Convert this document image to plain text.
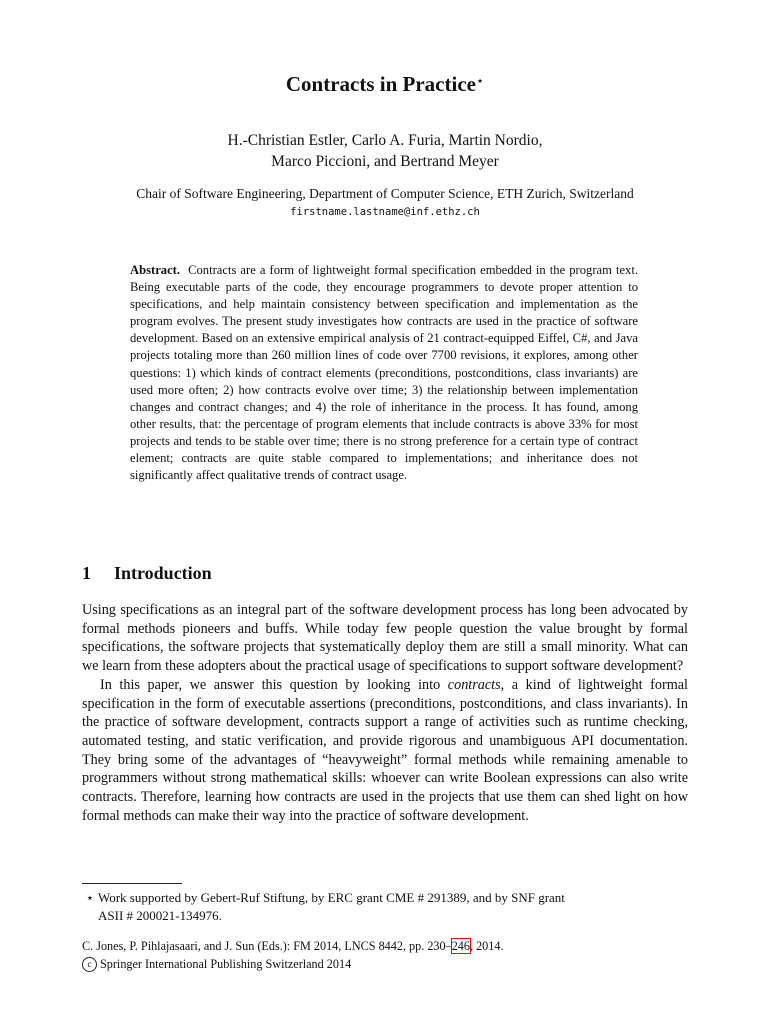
Contracts in Practice⋆
H.-Christian Estler, Carlo A. Furia, Martin Nordio,
Marco Piccioni, and Bertrand Meyer
Chair of Software Engineering, Department of Computer Science, ETH Zurich, Switzerland
firstname.lastname@inf.ethz.ch
Abstract. Contracts are a form of lightweight formal specification embedded in the program text. Being executable parts of the code, they encourage programmers to devote proper attention to specifications, and help maintain consistency between specification and implementation as the program evolves. The present study investigates how contracts are used in the practice of software development. Based on an extensive empirical analysis of 21 contract-equipped Eiffel, C#, and Java projects totaling more than 260 million lines of code over 7700 revisions, it explores, among other questions: 1) which kinds of contract elements (preconditions, postconditions, class invariants) are used more often; 2) how contracts evolve over time; 3) the relationship between implementation changes and contract changes; and 4) the role of inheritance in the process. It has found, among other results, that: the percentage of program elements that include contracts is above 33% for most projects and tends to be stable over time; there is no strong preference for a certain type of contract element; contracts are quite stable compared to implementations; and inheritance does not significantly affect qualitative trends of contract usage.
1 Introduction

Using specifications as an integral part of the software development process has long been advocated by formal methods pioneers and buffs. While today few people question the value brought by formal specifications, the software projects that systematically deploy them are still a small minority. What can we learn from these adopters about the practical usage of specifications to support software development?

In this paper, we answer this question by looking into contracts, a kind of lightweight formal specification in the form of executable assertions (preconditions, postconditions, and class invariants). In the practice of software development, contracts support a range of activities such as runtime checking, automated testing, and static verification, and provide rigorous and unambiguous API documentation. They bring some of the advantages of “heavyweight” formal methods while remaining amenable to programmers without strong mathematical skills: whoever can write Boolean expressions can also write contracts. Therefore, learning how contracts are used in the projects that use them can shed light on how formal methods can make their way into the practice of software development.

⋆ Work supported by Gebert-Ruf Stiftung, by ERC grant CME # 291389, and by SNF grant
ASII # 200021-134976.
C. Jones, P. Pihlajasaari, and J. Sun (Eds.): FM 2014, LNCS 8442, pp. 230–246, 2014.
c Springer International Publishing Switzerland 2014
